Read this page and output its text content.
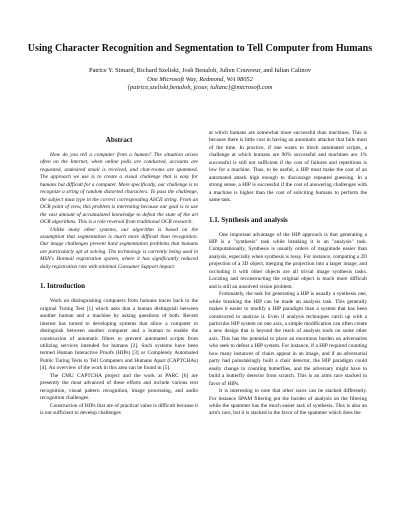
Using Character Recognition and Segmentation to Tell Computer from Humans
Patrice Y. Simard, Richard Szeliski, Josh Benaloh, Julien Couvreur, and Iulian Calinov
One Microsoft Way, Redmond, WA 98052
{patrice,szeliski,benaloh, jcouv, iulianc}@microsoft.com
Abstract

How do you tell a computer from a human? The situation arises often on the Internet, when online polls are conducted, accounts are requested, undesired email is received, and chat-rooms are spammed. The approach we use is to create a visual challenge that is easy for humans but difficult for a computer. More specifically, our challenge is to recognize a string of random distorted characters. To pass the challenge, the subject must type in the correct corresponding ASCII string. From an OCR point of view, this problem is interesting because our goal is to use the vast amount of accumulated knowledge to defeat the state of the art OCR algorithms. This is a role reversal from traditional OCR research.

Unlike many other systems, our algorithm is based on the assumption that segmentation is much more difficult than recognition. Our image challenges prevent hard segmentation problems that humans are particularly apt at solving. The technology is currently being used in MSN's Hotmail registration system, where it has significantly reduced daily registration rate with minimal Consumer Support impact.

1. Introduction

Work on distinguishing computers from humans traces back to the original Turing Test [1] which asks that a human distinguish between another human and a machine by asking questions of both. Recent interest has turned to developing systems that allow a computer to distinguish between another computer and a human to enable the construction of automatic filters to prevent automated scripts from utilizing services intended for humans [2]. Such systems have been termed Human Interactive Proofs (HIPs) [3] or Completely Automated Public Turing Tests to Tell Computers and Humans Apart (CAPTCHAs) [4]. An overview of the work in this area can be found in [5].

The CMU CAPTCHA project and the work at PARC [6] are presently the most advanced of these efforts and include various text recognition, visual pattern recognition, image processing, and audio recognition challenges.

Construction of HIPs that are of practical value is difficult because it is not sufficient to develop challenges

at which humans are somewhat more successful than machines. This is because there is little cost in having an automatic attacker that fails most of the time. In practice, if one wants to block automated scripts, a challenge at which humans are 90% successful and machines are 1% successful is still not sufficient if the cost of failures and repetitions is low for a machine. Thus, to be useful, a HIP must make the cost of an automated attack high enough to discourage repeated guessing. In a strong sense, a HIP is successful if the cost of answering challenges with a machine is higher than the cost of soliciting humans to perform the same task.

1.1. Synthesis and analysis

One important advantage of the HIP approach is that generating a HIP is a "synthesis" task while breaking it is an "analysis" task. Computationally, Synthesis is usually orders of magnitude easier than analysis, especially when synthesis is lossy. For instance, computing a 2D projection of a 3D object, merging the projection into a larger image, and occluding it with other objects are all trivial image synthesis tasks. Locating and reconstructing the original object is much more difficult and is still an unsolved vision problem.

Fortunately, the task for generating a HIP is usually a synthesis one, while breaking the HIP can be made an analysis task. This generally makes it easier to modify a HIP paradigm than a system that has been constructed to analyze it. Even if analysis techniques catch up with a particular HIP system on one axis, a simple modification can often create a new design that is beyond the reach of analysis tools on some other axis. This has the potential to place an enormous burden on adversaries who seek to defeat a HIP system. For instance, if a HIP required counting how many instances of chairs appear in an image, and if an adversarial party had painstakingly built a chair detector, the HIP paradigm could easily change to counting butterflies, and the adversary might have to build a butterfly detector from scratch. This is an arms race stacked in favor of HIPs.

It is interesting to note that other races can be stacked differently. For instance SPAM filtering put the burden of analysis on the filtering while the spammer has the much easier task of synthesis. This is also an arm's race, but it is stacked in the favor of the spammer which does the
